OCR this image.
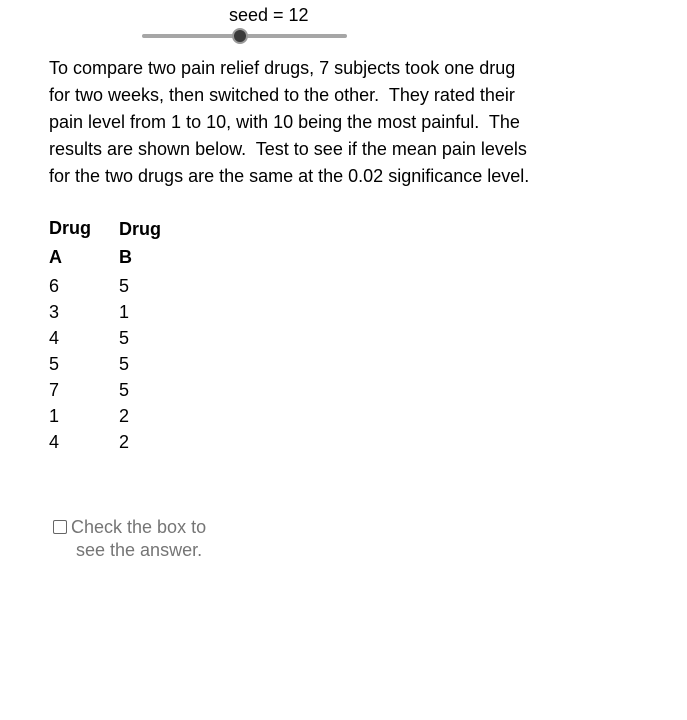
seed = 12

To compare two pain relief drugs, 7 subjects took one drug
for two weeks, then switched to the other.  They rated their
pain level from 1 to 10, with 10 being the most painful.  The
results are shown below.  Test to see if the mean pain levels
for the two drugs are the same at the 0.02 significance level.

Drug
A
6
3
4
5
7
1
4
Drug
B
5
1
5
5
5
2
2
Check the box to
see the answer.
